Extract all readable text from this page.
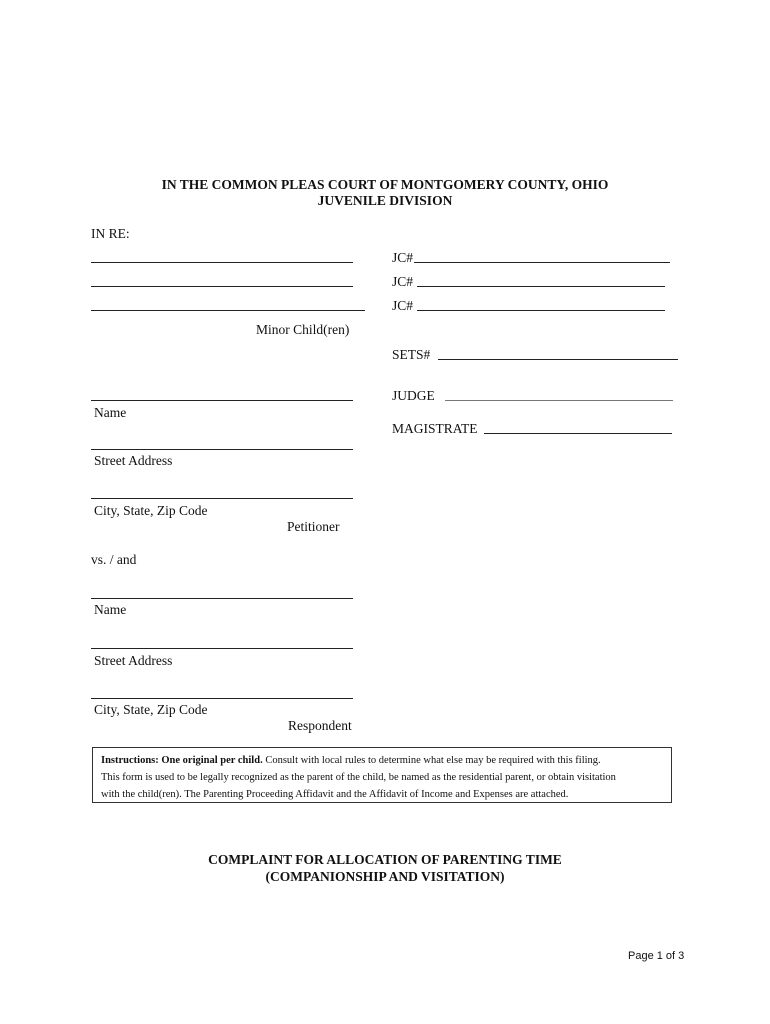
IN THE COMMON PLEAS COURT OF MONTGOMERY COUNTY, OHIO
JUVENILE DIVISION
IN RE:
Minor Child(ren)
JC#
JC#
JC#
SETS#
JUDGE
MAGISTRATE
Name
Street Address
City, State, Zip Code
Petitioner
vs. / and
Name
Street Address
City, State, Zip Code
Respondent
Instructions: One original per child. Consult with local rules to determine what else may be required with this filing.
This form is used to be legally recognized as the parent of the child, be named as the residential parent, or obtain visitation
with the child(ren). The Parenting Proceeding Affidavit and the Affidavit of Income and Expenses are attached.
COMPLAINT FOR ALLOCATION OF PARENTING TIME
(COMPANIONSHIP AND VISITATION)
Page 1 of 3
